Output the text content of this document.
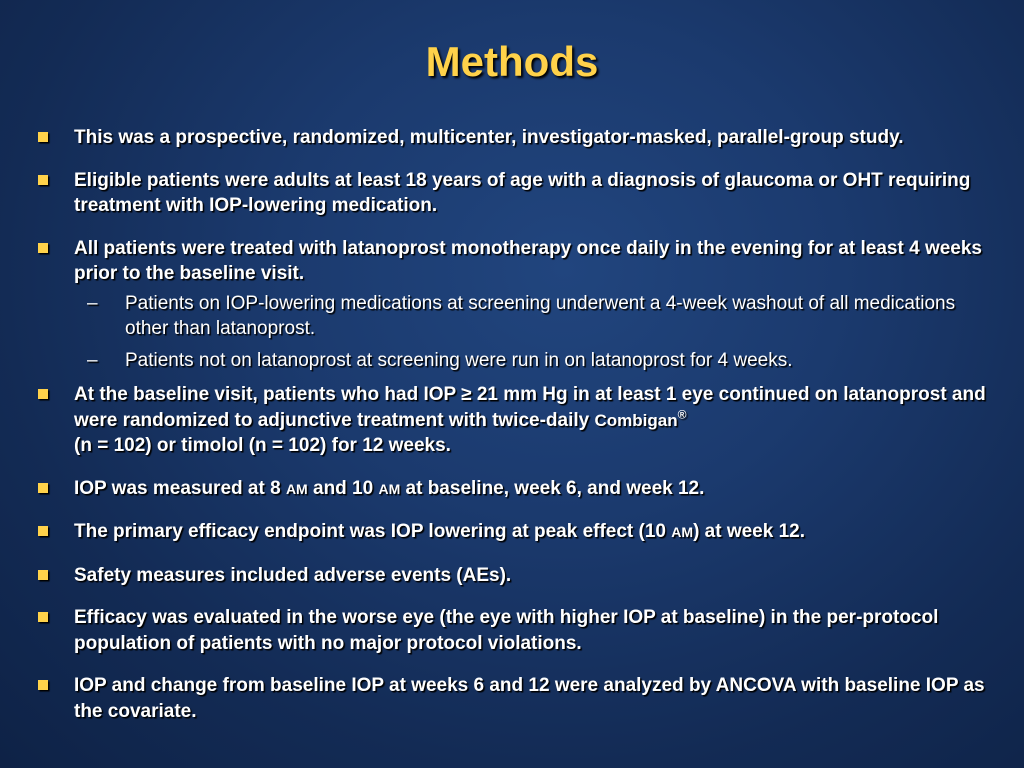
Methods
This was a prospective, randomized, multicenter, investigator-masked, parallel-group study.
Eligible patients were adults at least 18 years of age with a diagnosis of glaucoma or OHT requiring treatment with IOP-lowering medication.
All patients were treated with latanoprost monotherapy once daily in the evening for at least 4 weeks prior to the baseline visit.
– Patients on IOP-lowering medications at screening underwent a 4-week washout of all medications other than latanoprost.
– Patients not on latanoprost at screening were run in on latanoprost for 4 weeks.
At the baseline visit, patients who had IOP ≥ 21 mm Hg in at least 1 eye continued on latanoprost and were randomized to adjunctive treatment with twice-daily Combigan®
(n = 102) or timolol (n = 102) for 12 weeks.
IOP was measured at 8 AM and 10 AM at baseline, week 6, and week 12.
The primary efficacy endpoint was IOP lowering at peak effect (10 AM) at week 12.
Safety measures included adverse events (AEs).
Efficacy was evaluated in the worse eye (the eye with higher IOP at baseline) in the per-protocol population of patients with no major protocol violations.
IOP and change from baseline IOP at weeks 6 and 12 were analyzed by ANCOVA with baseline IOP as the covariate.
